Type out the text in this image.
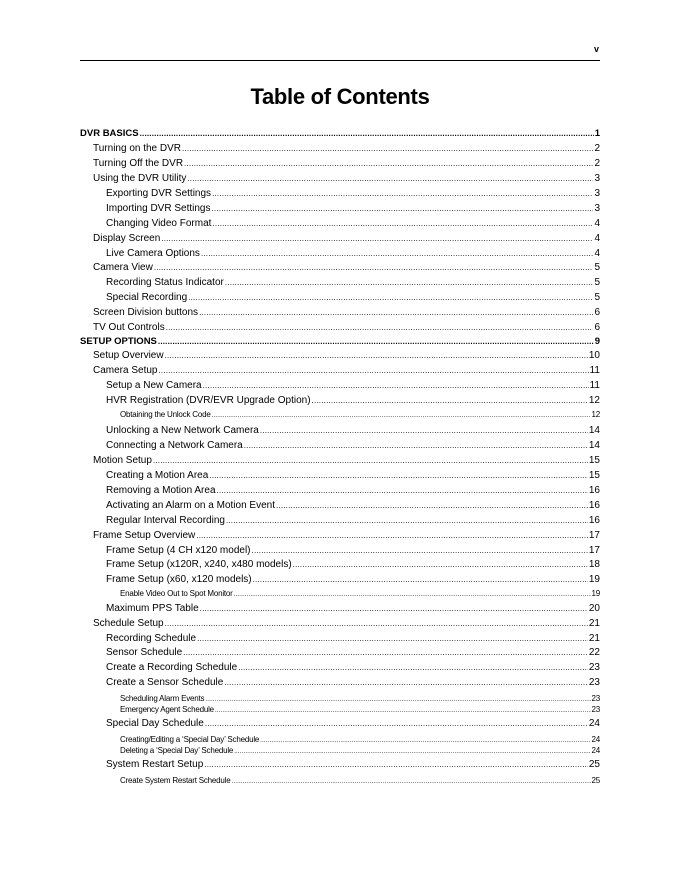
v
Table of Contents
DVR BASICS .....	1
Turning on the DVR .....	2
Turning Off the DVR .....	2
Using the DVR Utility .....	3
Exporting DVR Settings .....	3
Importing DVR Settings .....	3
Changing Video Format .....	4
Display Screen .....	4
Live Camera Options .....	4
Camera View .....	5
Recording Status Indicator .....	5
Special Recording .....	5
Screen Division buttons .....	6
TV Out Controls .....	6
SETUP OPTIONS .....	9
Setup Overview .....	10
Camera Setup .....	11
Setup a New Camera .....	11
HVR Registration (DVR/EVR Upgrade Option) .....	12
Obtaining the Unlock Code .....	12
Unlocking a New Network Camera .....	14
Connecting a Network Camera .....	14
Motion Setup .....	15
Creating a Motion Area .....	15
Removing a Motion Area .....	16
Activating an Alarm on a Motion Event .....	16
Regular Interval Recording .....	16
Frame Setup Overview .....	17
Frame Setup (4 CH x120 model) .....	17
Frame Setup (x120R, x240, x480 models) .....	18
Frame Setup (x60, x120 models) .....	19
Enable Video Out to Spot Monitor .....	19
Maximum PPS Table .....	20
Schedule Setup .....	21
Recording Schedule .....	21
Sensor Schedule .....	22
Create a Recording Schedule .....	23
Create a Sensor Schedule .....	23
Scheduling Alarm Events .....	23
Emergency Agent Schedule .....	23
Special Day Schedule .....	24
Creating/Editing a ‘Special Day’ Schedule .....	24
Deleting a ‘Special Day’ Schedule .....	24
System Restart Setup .....	25
Create System Restart Schedule .....	25
